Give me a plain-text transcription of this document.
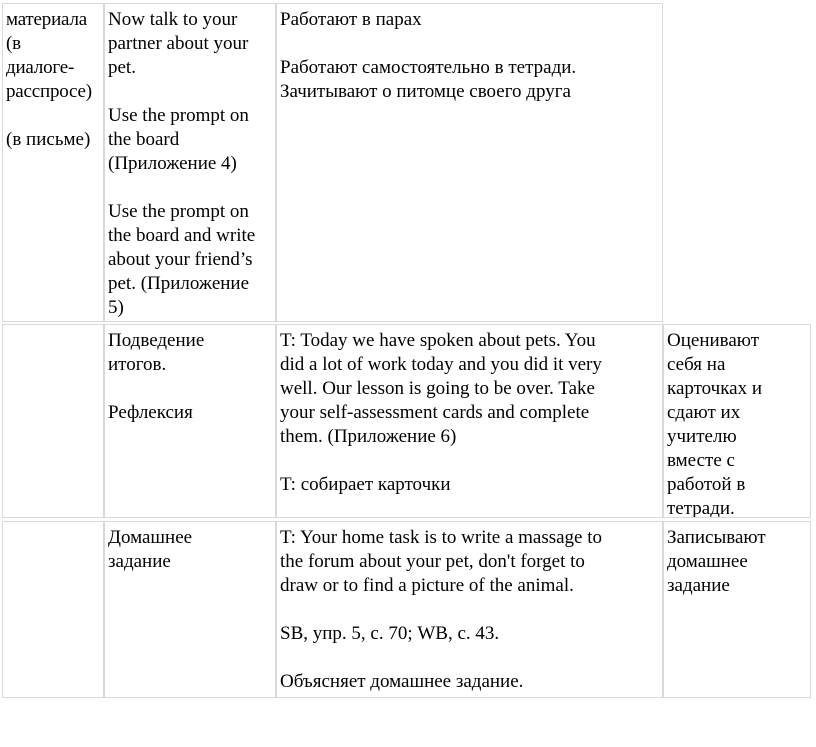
материала
(в
диалоге-
расспросе)
(в письме)
Now talk to your
partner about your
pet.
Use the prompt on
the board
(Приложение 4)
Use the prompt on
the board and write
about your friend’s
pet. (Приложение
5)
Работают в парах
Работают самостоятельно в тетради.
Зачитывают о питомце своего друга
Подведение
итогов.
Рефлексия
T: Today we have spoken about pets. You
did a lot of work today and you did it very
well. Our lesson is going to be over. Take
your self-assessment cards and complete
them. (Приложение 6)
T: собирает карточки
Оценивают
себя на
карточках и
сдают их
учителю
вместе с
работой в
тетради.
Домашнее
задание
T: Your home task is to write a massage to
the forum about your pet, don't forget to
draw or to find a picture of the animal.
SB, упр. 5, с. 70; WB, с. 43.
Объясняет домашнее задание.
Записывают
домашнее
задание
